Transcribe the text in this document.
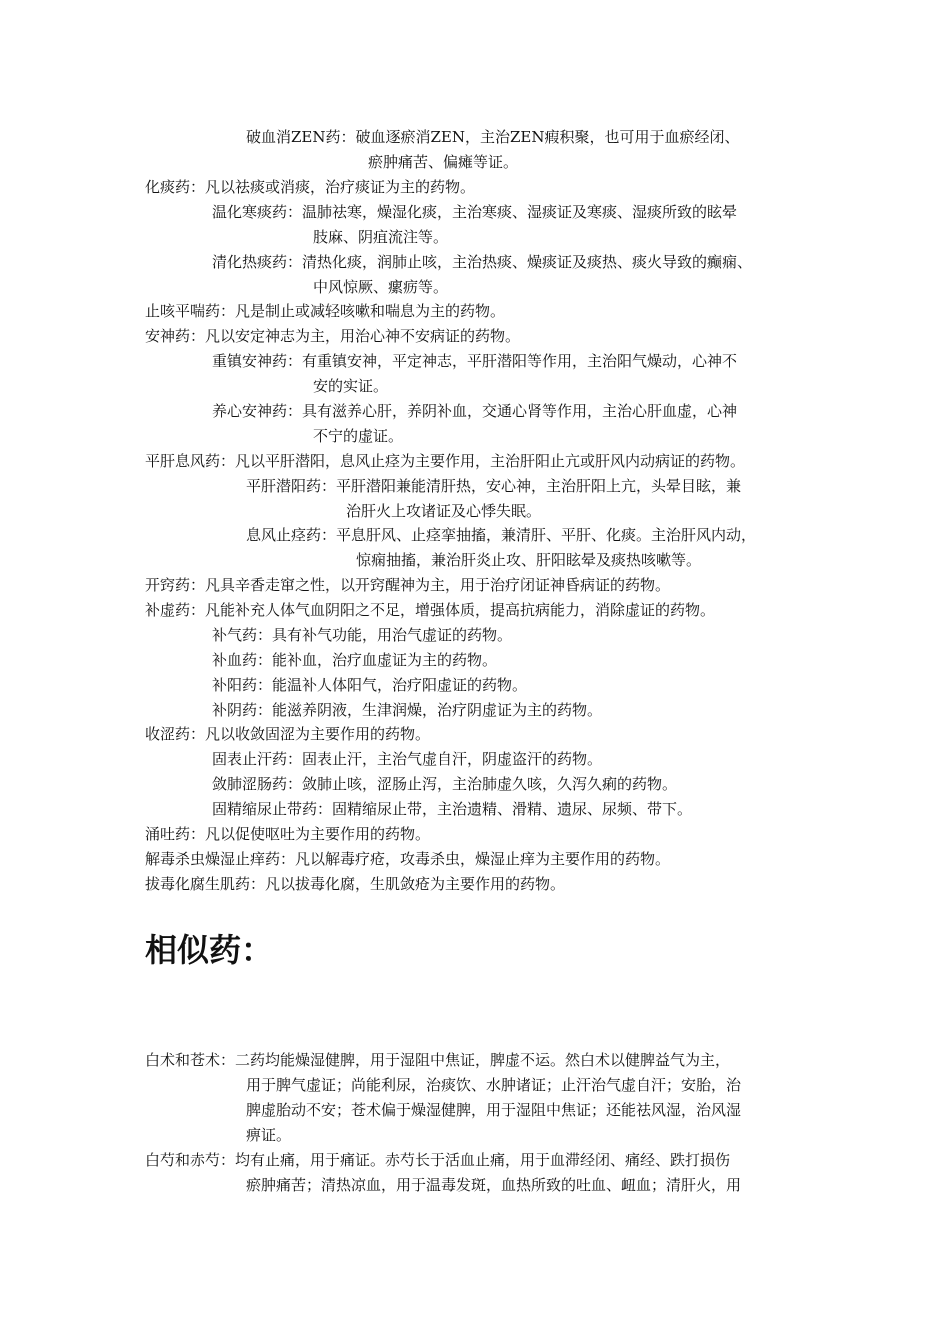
破血消ZEN药：破血逐瘀消ZEN，主治ZEN瘕积聚，也可用于血瘀经闭、
瘀肿痛苦、偏瘫等证。
化痰药：凡以祛痰或消痰，治疗痰证为主的药物。
温化寒痰药：温肺祛寒，燥湿化痰，主治寒痰、湿痰证及寒痰、湿痰所致的眩晕
肢麻、阴疽流注等。
清化热痰药：清热化痰，润肺止咳，主治热痰、燥痰证及痰热、痰火导致的癫痫、
中风惊厥、瘰疬等。
止咳平喘药：凡是制止或减轻咳嗽和喘息为主的药物。
安神药：凡以安定神志为主，用治心神不安病证的药物。
重镇安神药：有重镇安神，平定神志，平肝潜阳等作用，主治阳气燥动，心神不
安的实证。
养心安神药：具有滋养心肝，养阴补血，交通心肾等作用，主治心肝血虚，心神
不宁的虚证。
平肝息风药：凡以平肝潜阳，息风止痉为主要作用，主治肝阳止亢或肝风内动病证的药物。
平肝潜阳药：平肝潜阳兼能清肝热，安心神，主治肝阳上亢，头晕目眩，兼
治肝火上攻诸证及心悸失眠。
息风止痉药：平息肝风、止痉挛抽搐，兼清肝、平肝、化痰。主治肝风内动，
惊痫抽搐，兼治肝炎止攻、肝阳眩晕及痰热咳嗽等。
开窍药：凡具辛香走窜之性，以开窍醒神为主，用于治疗闭证神昏病证的药物。
补虚药：凡能补充人体气血阴阳之不足，增强体质，提高抗病能力，消除虚证的药物。
补气药：具有补气功能，用治气虚证的药物。
补血药：能补血，治疗血虚证为主的药物。
补阳药：能温补人体阳气，治疗阳虚证的药物。
补阴药：能滋养阴液，生津润燥，治疗阴虚证为主的药物。
收涩药：凡以收敛固涩为主要作用的药物。
固表止汗药：固表止汗，主治气虚自汗，阴虚盗汗的药物。
敛肺涩肠药：敛肺止咳，涩肠止泻，主治肺虚久咳，久泻久痢的药物。
固精缩尿止带药：固精缩尿止带，主治遗精、滑精、遗尿、尿频、带下。
涌吐药：凡以促使呕吐为主要作用的药物。
解毒杀虫燥湿止痒药：凡以解毒疗疮，攻毒杀虫，燥湿止痒为主要作用的药物。
拔毒化腐生肌药：凡以拔毒化腐，生肌敛疮为主要作用的药物。
相似药：
白术和苍术：二药均能燥湿健脾，用于湿阻中焦证，脾虚不运。然白术以健脾益气为主，
用于脾气虚证；尚能利尿，治痰饮、水肿诸证；止汗治气虚自汗；安胎，治
脾虚胎动不安；苍术偏于燥湿健脾，用于湿阻中焦证；还能祛风湿，治风湿
痹证。
白芍和赤芍：均有止痛，用于痛证。赤芍长于活血止痛，用于血滞经闭、痛经、跌打损伤
瘀肿痛苦；清热凉血，用于温毒发斑，血热所致的吐血、衄血；清肝火，用
